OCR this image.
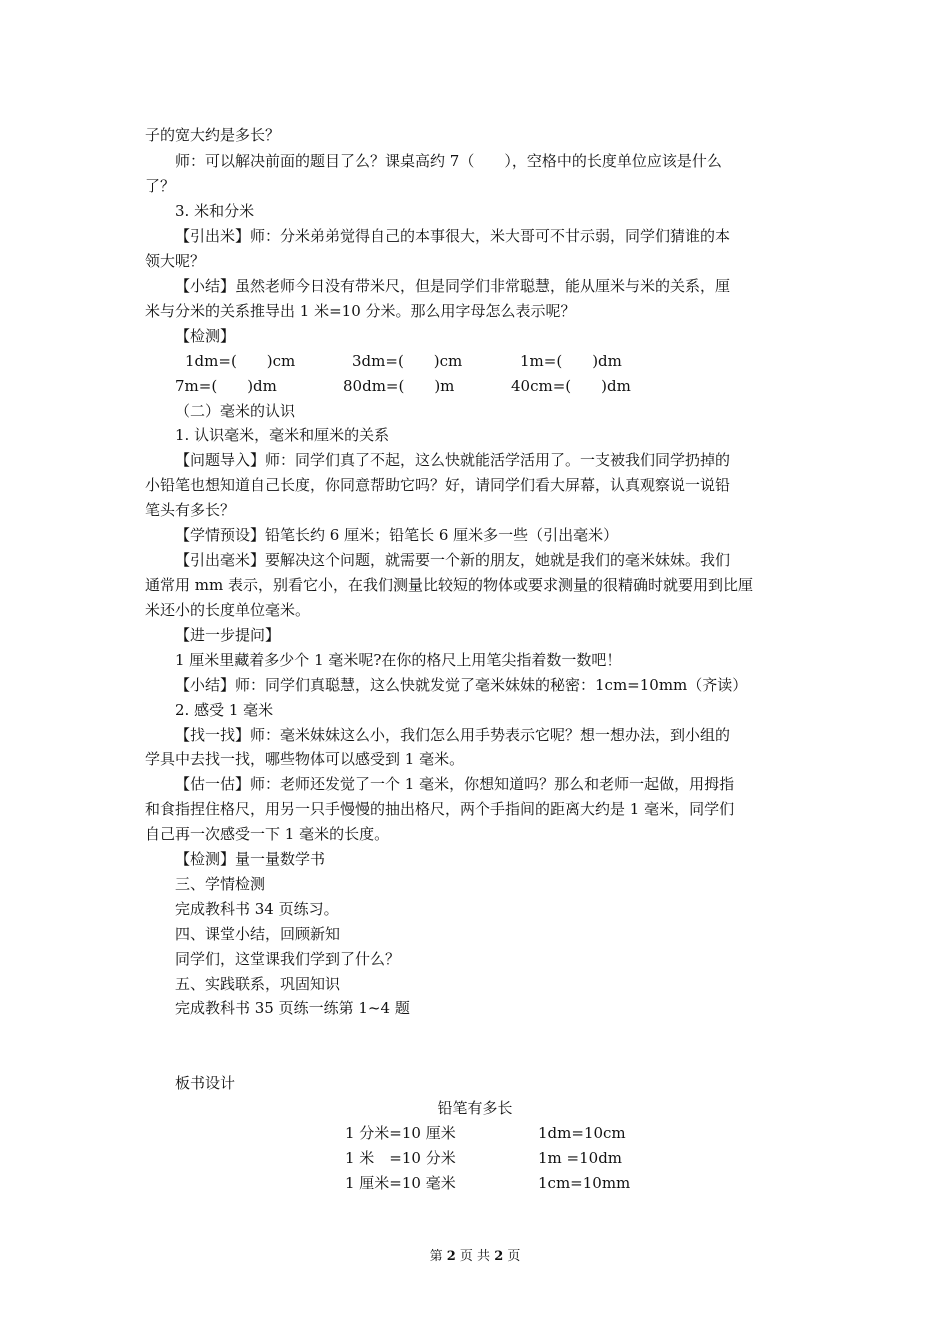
子的宽大约是多长？
师：可以解决前面的题目了么？课桌高约 7（　　），空格中的长度单位应该是什么
了？
3. 米和分米
【引出米】师：分米弟弟觉得自己的本事很大，米大哥可不甘示弱，同学们猜谁的本
领大呢？
【小结】虽然老师今日没有带米尺，但是同学们非常聪慧，能从厘米与米的关系，厘
米与分米的关系推导出 1 米=10 分米。那么用字母怎么表示呢？
【检测】
1dm=(　　)cm	3dm=(　　)cm	1m=(　　)dm
7m=(　　)dm	80dm=(　　)m	40cm=(　　)dm
（二）毫米的认识
1. 认识毫米，毫米和厘米的关系
【问题导入】师：同学们真了不起，这么快就能活学活用了。一支被我们同学扔掉的
小铅笔也想知道自己长度，你同意帮助它吗？好，请同学们看大屏幕，认真观察说一说铅
笔头有多长？
【学情预设】铅笔长约 6 厘米；铅笔长 6 厘米多一些（引出毫米）
【引出毫米】要解决这个问题，就需要一个新的朋友，她就是我们的毫米妹妹。我们
通常用 mm 表示，别看它小，在我们测量比较短的物体或要求测量的很精确时就要用到比厘
米还小的长度单位毫米。
【进一步提问】
1 厘米里藏着多少个 1 毫米呢?在你的格尺上用笔尖指着数一数吧！
【小结】师：同学们真聪慧，这么快就发觉了毫米妹妹的秘密：1cm=10mm（齐读）
2. 感受 1 毫米
【找一找】师：毫米妹妹这么小，我们怎么用手势表示它呢？想一想办法，到小组的
学具中去找一找，哪些物体可以感受到 1 毫米。
【估一估】师：老师还发觉了一个 1 毫米，你想知道吗？那么和老师一起做，用拇指
和食指捏住格尺，用另一只手慢慢的抽出格尺，两个手指间的距离大约是 1 毫米，同学们
自己再一次感受一下 1 毫米的长度。
【检测】量一量数学书
三、学情检测
完成教科书 34 页练习。
四、课堂小结，回顾新知
同学们，这堂课我们学到了什么？
五、实践联系，巩固知识
完成教科书 35 页练一练第 1~4 题
板书设计
铅笔有多长
1 分米=10 厘米	1dm=10cm
1 米　=10 分米	1m =10dm
1 厘米=10 毫米	1cm=10mm
第 2 页 共 2 页
